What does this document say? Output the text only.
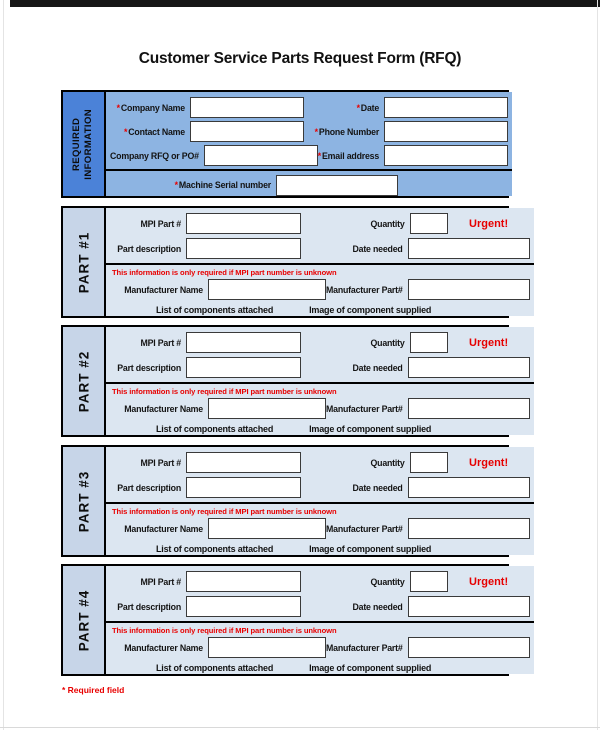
Customer Service Parts Request Form (RFQ)
REQUIRED INFORMATION
*Company Name	*Date
*Contact Name	*Phone Number
Company RFQ or PO#	*Email address
*Machine Serial number
PART #1
MPI Part #	Quantity	Urgent!
Part description	Date needed
This information is only required if MPI part number is unknown
Manufacturer Name	Manufacturer Part#
List of components attached	Image of component supplied
PART #2
MPI Part #	Quantity	Urgent!
Part description	Date needed
This information is only required if MPI part number is unknown
Manufacturer Name	Manufacturer Part#
List of components attached	Image of component supplied
PART #3
MPI Part #	Quantity	Urgent!
Part description	Date needed
This information is only required if MPI part number is unknown
Manufacturer Name	Manufacturer Part#
List of components attached	Image of component supplied
PART #4
MPI Part #	Quantity	Urgent!
Part description	Date needed
This information is only required if MPI part number is unknown
Manufacturer Name	Manufacturer Part#
List of components attached	Image of component supplied
* Required field
